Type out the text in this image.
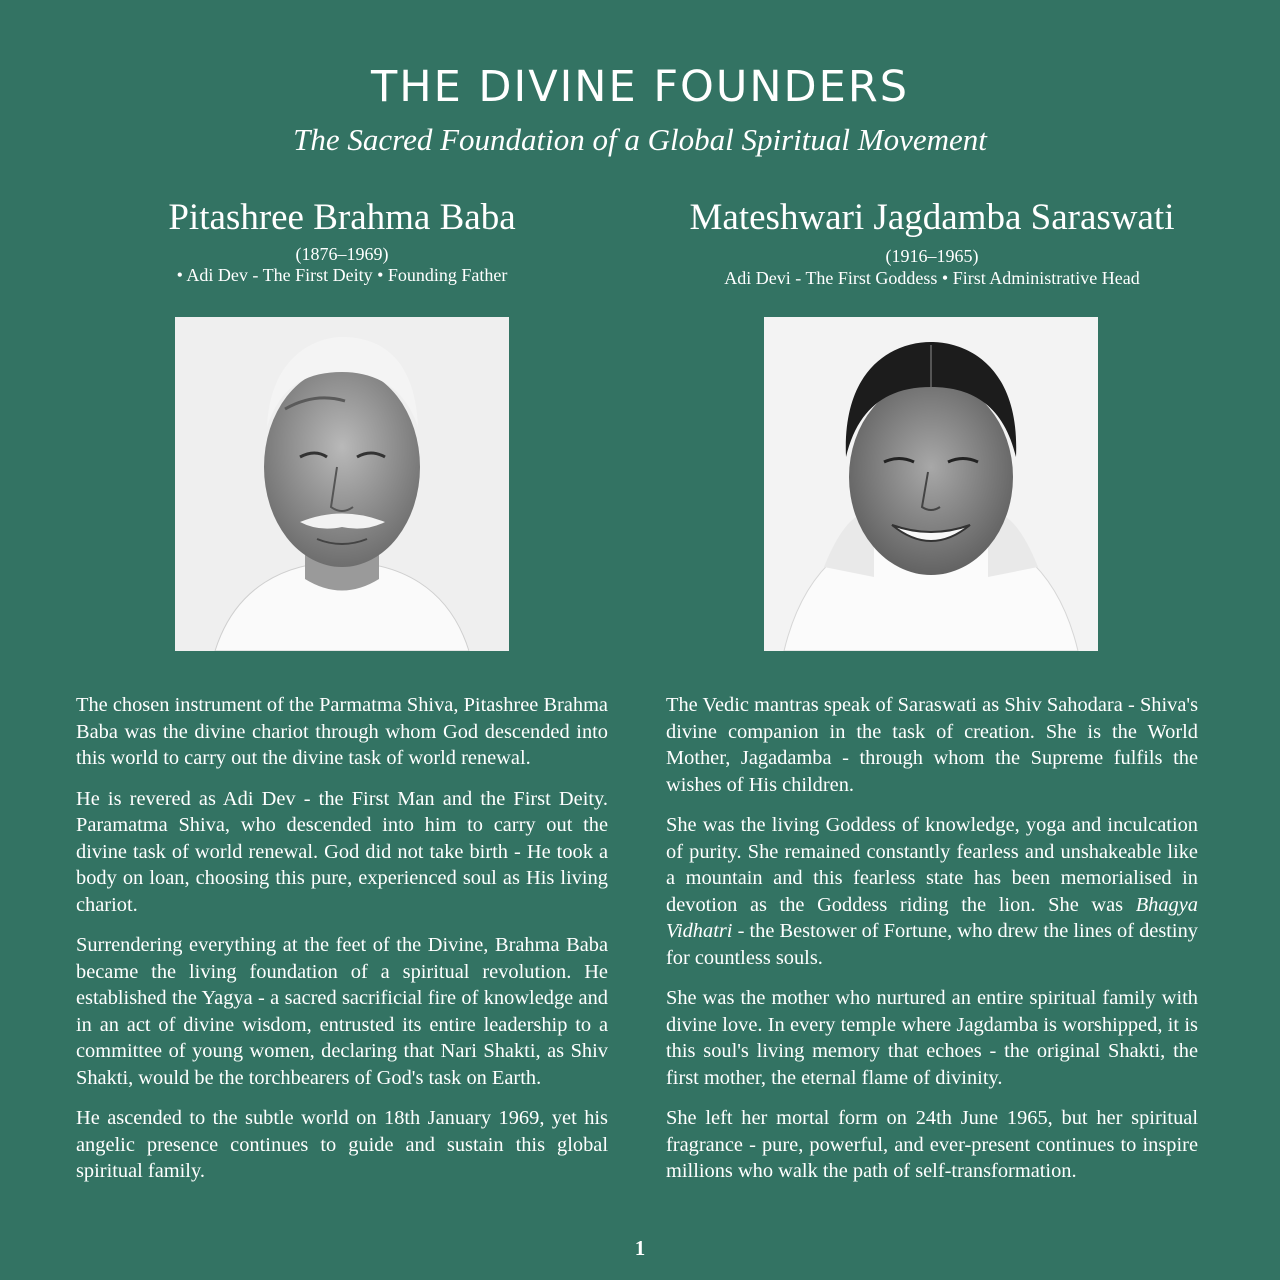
THE DIVINE FOUNDERS
The Sacred Foundation of a Global Spiritual Movement
Pitashree Brahma Baba
(1876–1969)
• Adi Dev - The First Deity • Founding Father

The chosen instrument of the Parmatma Shiva, Pitashree Brahma Baba was the divine chariot through whom God descended into this world to carry out the divine task of world renewal.

He is revered as Adi Dev - the First Man and the First Deity. Paramatma Shiva, who descended into him to carry out the divine task of world renewal. God did not take birth - He took a body on loan, choosing this pure, experienced soul as His living chariot.

Surrendering everything at the feet of the Divine, Brahma Baba became the living foundation of a spiritual revolution. He established the Yagya - a sacred sacrificial fire of knowledge and in an act of divine wisdom, entrusted its entire leadership to a committee of young women, declaring that Nari Shakti, as Shiv Shakti, would be the torchbearers of God's task on Earth.

He ascended to the subtle world on 18th January 1969, yet his angelic presence continues to guide and sustain this global spiritual family.

Mateshwari Jagdamba Saraswati
(1916–1965)
Adi Devi - The First Goddess • First Administrative Head

The Vedic mantras speak of Saraswati as Shiv Sahodara - Shiva's divine companion in the task of creation. She is the World Mother, Jagadamba - through whom the Supreme fulfils the wishes of His children.

She was the living Goddess of knowledge, yoga and inculcation of purity. She remained constantly fearless and unshakeable like a mountain and this fearless state has been memorialised in devotion as the Goddess riding the lion. She was Bhagya Vidhatri - the Bestower of Fortune, who drew the lines of destiny for countless souls.

She was the mother who nurtured an entire spiritual family with divine love. In every temple where Jagdamba is worshipped, it is this soul's living memory that echoes - the original Shakti, the first mother, the eternal flame of divinity.

She left her mortal form on 24th June 1965, but her spiritual fragrance - pure, powerful, and ever-present continues to inspire millions who walk the path of self-transformation.

1
